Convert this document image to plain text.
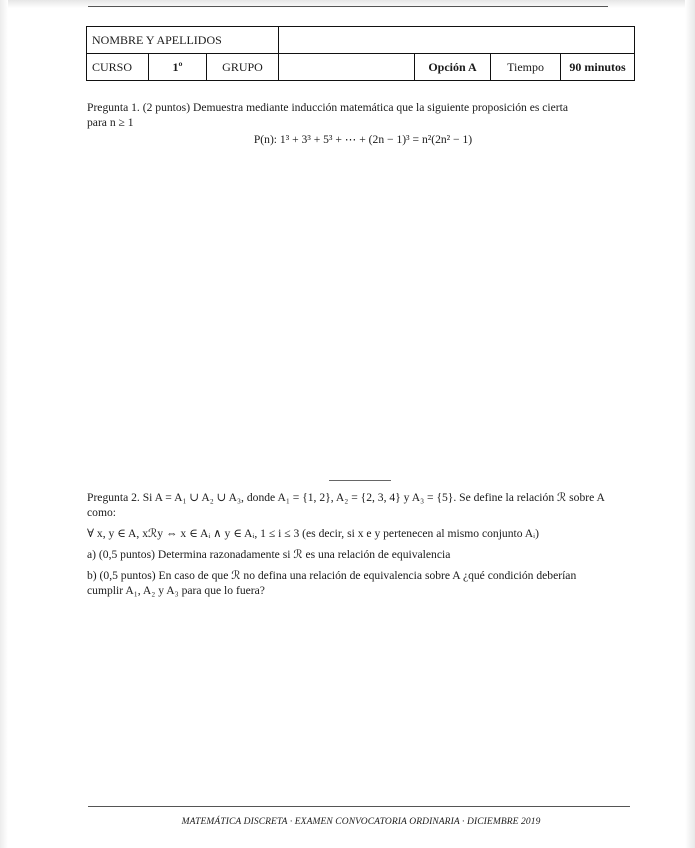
NOMBRE Y APELLIDOS						
CURSO	1º	GRUPO		Opción A	Tiempo	90 minutos

Pregunta 1. (2 puntos) Demuestra mediante inducción matemática que la siguiente proposición es cierta

para n ≥ 1

P(n): 1³ + 3³ + 5³ + ⋯ + (2n − 1)³ = n²(2n² − 1)

Pregunta 2. Si A = A₁ ∪ A₂ ∪ A₃, donde A₁ = {1, 2}, A₂ = {2, 3, 4} y A₃ = {5}. Se define la relación ℛ sobre A

como:

∀ x, y ∈ A, xℛy ⇔ x ∈ Aᵢ ∧ y ∈ Aᵢ, 1 ≤ i ≤ 3 (es decir, si x e y pertenecen al mismo conjunto Aᵢ)

a) (0,5 puntos) Determina razonadamente si ℛ es una relación de equivalencia

b) (0,5 puntos) En caso de que ℛ no defina una relación de equivalencia sobre A ¿qué condición deberían

cumplir A₁, A₂ y A₃ para que lo fuera?

MATEMÁTICA DISCRETA · EXAMEN CONVOCATORIA ORDINARIA · DICIEMBRE 2019
